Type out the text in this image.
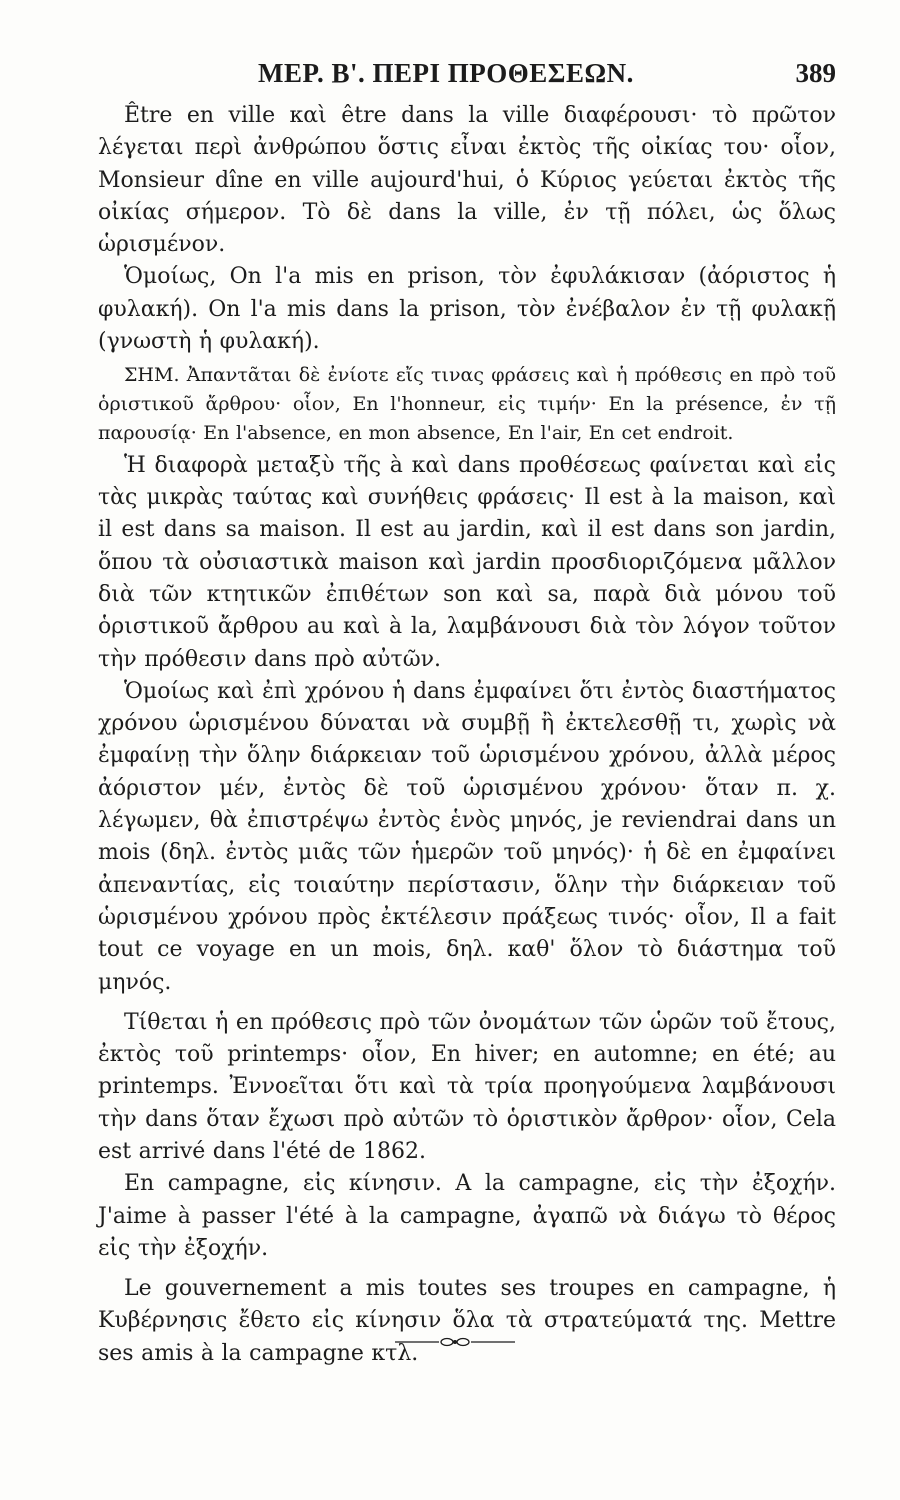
ΜΕΡ. Β'. ΠΕΡΙ ΠΡΟΘΕΣΕΩΝ.	389

Être en ville καὶ être dans la ville διαφέρουσι· τὸ πρῶτον λέγεται περὶ ἀνθρώπου ὅστις εἶναι ἐκτὸς τῆς οἰκίας του· οἷον, Monsieur dîne en ville aujourd'hui, ὁ Κύριος γεύεται ἐκτὸς τῆς οἰκίας σήμερον. Τὸ δὲ dans la ville, ἐν τῇ πόλει, ὡς ὅλως ὡρισμένον.

Ὁμοίως, On l'a mis en prison, τὸν ἐφυλάκισαν (ἀόριστος ἡ φυλακή). On l'a mis dans la prison, τὸν ἐνέβαλον ἐν τῇ φυλακῇ (γνωστὴ ἡ φυλακή).

ΣΗΜ. Ἀπαντᾶται δὲ ἐνίοτε εἴς τινας φράσεις καὶ ἡ πρόθεσις en πρὸ τοῦ ὁριστικοῦ ἄρθρου· οἷον, En l'honneur, εἰς τιμήν· En la présence, ἐν τῇ παρουσίᾳ· En l'absence, en mon absence, En l'air, En cet endroit.

Ἡ διαφορὰ μεταξὺ τῆς à καὶ dans προθέσεως φαίνεται καὶ εἰς τὰς μικρὰς ταύτας καὶ συνήθεις φράσεις· Il est à la maison, καὶ il est dans sa maison. Il est au jardin, καὶ il est dans son jardin, ὅπου τὰ οὐσιαστικὰ maison καὶ jardin προσδιοριζόμενα μᾶλλον διὰ τῶν κτητικῶν ἐπιθέτων son καὶ sa, παρὰ διὰ μόνου τοῦ ὁριστικοῦ ἄρθρου au καὶ à la, λαμβάνουσι διὰ τὸν λόγον τοῦτον τὴν πρόθεσιν dans πρὸ αὐτῶν.

Ὁμοίως καὶ ἐπὶ χρόνου ἡ dans ἐμφαίνει ὅτι ἐντὸς διαστήματος χρόνου ὡρισμένου δύναται νὰ συμβῇ ἢ ἐκτελεσθῇ τι, χωρὶς νὰ ἐμφαίνῃ τὴν ὅλην διάρκειαν τοῦ ὡρισμένου χρόνου, ἀλλὰ μέρος ἀόριστον μέν, ἐντὸς δὲ τοῦ ὡρισμένου χρόνου· ὅταν π. χ. λέγωμεν, θὰ ἐπιστρέψω ἐντὸς ἑνὸς μηνός, je reviendrai dans un mois (δηλ. ἐντὸς μιᾶς τῶν ἡμερῶν τοῦ μηνός)· ἡ δὲ en ἐμφαίνει ἀπεναντίας, εἰς τοιαύτην περίστασιν, ὅλην τὴν διάρκειαν τοῦ ὡρισμένου χρόνου πρὸς ἐκτέλεσιν πράξεως τινός· οἷον, Il a fait tout ce voyage en un mois, δηλ. καθ' ὅλον τὸ διάστημα τοῦ μηνός.

Τίθεται ἡ en πρόθεσις πρὸ τῶν ὀνομάτων τῶν ὡρῶν τοῦ ἔτους, ἐκτὸς τοῦ printemps· οἷον, En hiver; en automne; en été; au printemps. Ἐννοεῖται ὅτι καὶ τὰ τρία προηγούμενα λαμβάνουσι τὴν dans ὅταν ἔχωσι πρὸ αὐτῶν τὸ ὁριστικὸν ἄρθρον· οἷον, Cela est arrivé dans l'été de 1862.

En campagne, εἰς κίνησιν. A la campagne, εἰς τὴν ἐξοχήν. J'aime à passer l'été à la campagne, ἀγαπῶ νὰ διάγω τὸ θέρος εἰς τὴν ἐξοχήν.

Le gouvernement a mis toutes ses troupes en campagne, ἡ Κυβέρνησις ἔθετο εἰς κίνησιν ὅλα τὰ στρατεύματά της. Mettre ses amis à la campagne κτλ.
